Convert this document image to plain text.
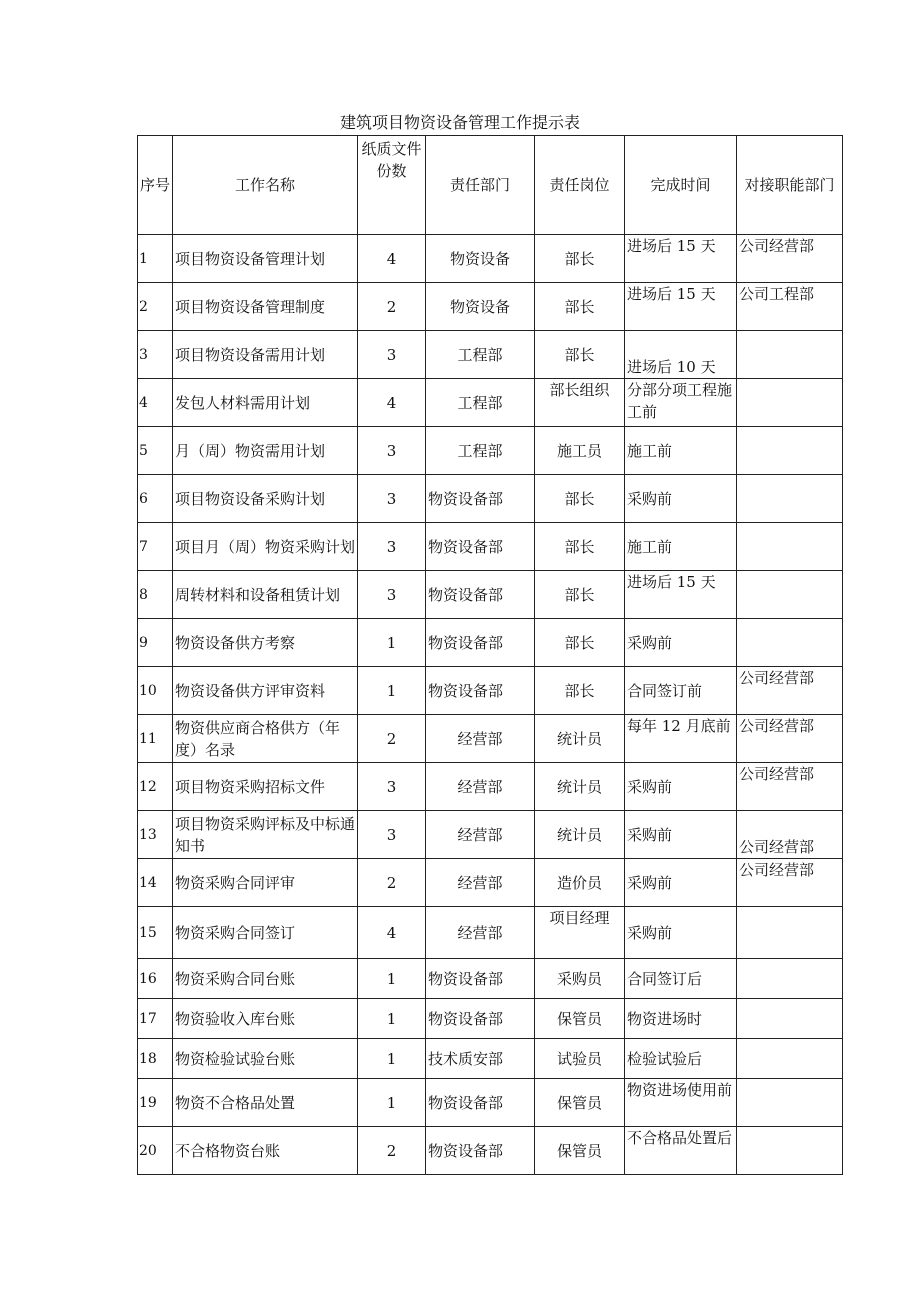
建筑项目物资设备管理工作提示表
序号	工作名称	纸质文件份数	责任部门	责任岗位	完成时间	对接职能部门
1	项目物资设备管理计划	4	物资设备	部长	进场后 15 天	公司经营部
2	项目物资设备管理制度	2	物资设备	部长	进场后 15 天	公司工程部
3	项目物资设备需用计划	3	工程部	部长	进场后 10 天	
4	发包人材料需用计划	4	工程部	部长组织	分部分项工程施工前	
5	月（周）物资需用计划	3	工程部	施工员	施工前	
6	项目物资设备采购计划	3	物资设备部	部长	采购前	
7	项目月（周）物资采购计划	3	物资设备部	部长	施工前	
8	周转材料和设备租赁计划	3	物资设备部	部长	进场后 15 天	
9	物资设备供方考察	1	物资设备部	部长	采购前	
10	物资设备供方评审资料	1	物资设备部	部长	合同签订前	公司经营部
11	物资供应商合格供方（年度）名录	2	经营部	统计员	每年 12 月底前	公司经营部
12	项目物资采购招标文件	3	经营部	统计员	采购前	公司经营部
13	项目物资采购评标及中标通知书	3	经营部	统计员	采购前	公司经营部
14	物资采购合同评审	2	经营部	造价员	采购前	公司经营部
15	物资采购合同签订	4	经营部	项目经理	采购前	
16	物资采购合同台账	1	物资设备部	采购员	合同签订后	
17	物资验收入库台账	1	物资设备部	保管员	物资进场时	
18	物资检验试验台账	1	技术质安部	试验员	检验试验后	
19	物资不合格品处置	1	物资设备部	保管员	物资进场使用前	
20	不合格物资台账	2	物资设备部	保管员	不合格品处置后	
